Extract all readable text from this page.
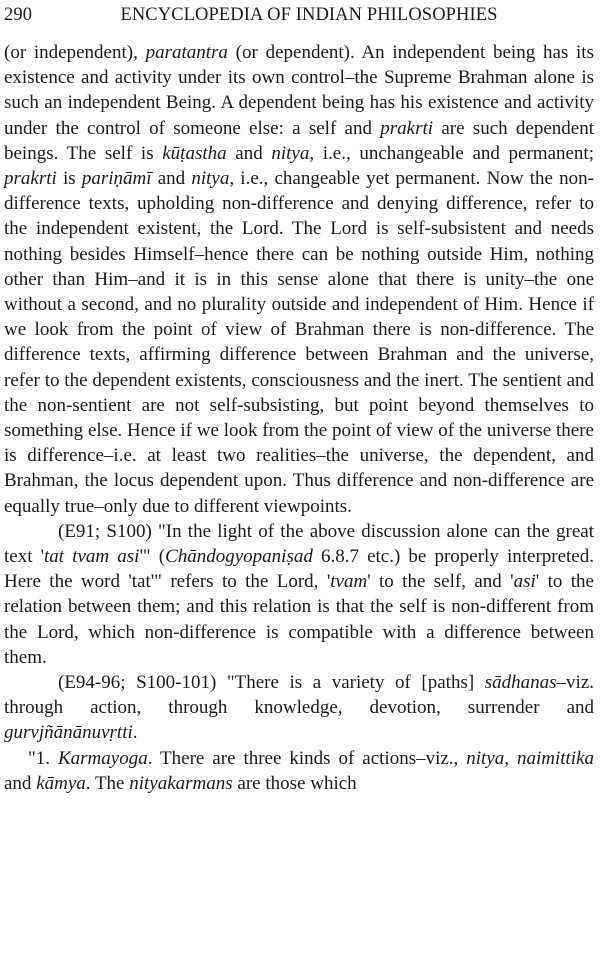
290	ENCYCLOPEDIA OF INDIAN PHILOSOPHIES

(or independent), paratantra (or dependent). An independent being has its existence and activity under its own control–the Supreme Brahman alone is such an independent Being. A dependent being has his existence and activity under the control of someone else: a self and prakrti are such dependent beings. The self is kūṭastha and nitya, i.e., unchangeable and permanent; prakrti is pariṇāmī and nitya, i.e., changeable yet permanent. Now the non-difference texts, upholding non-difference and denying difference, refer to the independent existent, the Lord. The Lord is self-subsistent and needs nothing besides Himself–hence there can be nothing outside Him, nothing other than Him–and it is in this sense alone that there is unity–the one without a second, and no plurality outside and independent of Him. Hence if we look from the point of view of Brahman there is non-difference. The difference texts, affirming difference between Brahman and the universe, refer to the dependent existents, consciousness and the inert. The sentient and the non-sentient are not self-subsisting, but point beyond themselves to something else. Hence if we look from the point of view of the universe there is difference–i.e. at least two realities–the universe, the dependent, and Brahman, the locus dependent upon. Thus difference and non-difference are equally true–only due to different viewpoints.

(E91; S100) "In the light of the above discussion alone can the great text 'tat tvam asi'" (Chāndogyopaniṣad 6.8.7 etc.) be properly interpreted. Here the word 'tat'" refers to the Lord, 'tvam' to the self, and 'asi' to the relation between them; and this relation is that the self is non-different from the Lord, which non-difference is compatible with a difference between them.

(E94-96; S100-101) "There is a variety of [paths] sādhanas–viz. through action, through knowledge, devotion, surrender and gurvjñānānuvṛtti.

"1. Karmayoga. There are three kinds of actions–viz., nitya, naimittika and kāmya. The nityakarmans are those which
